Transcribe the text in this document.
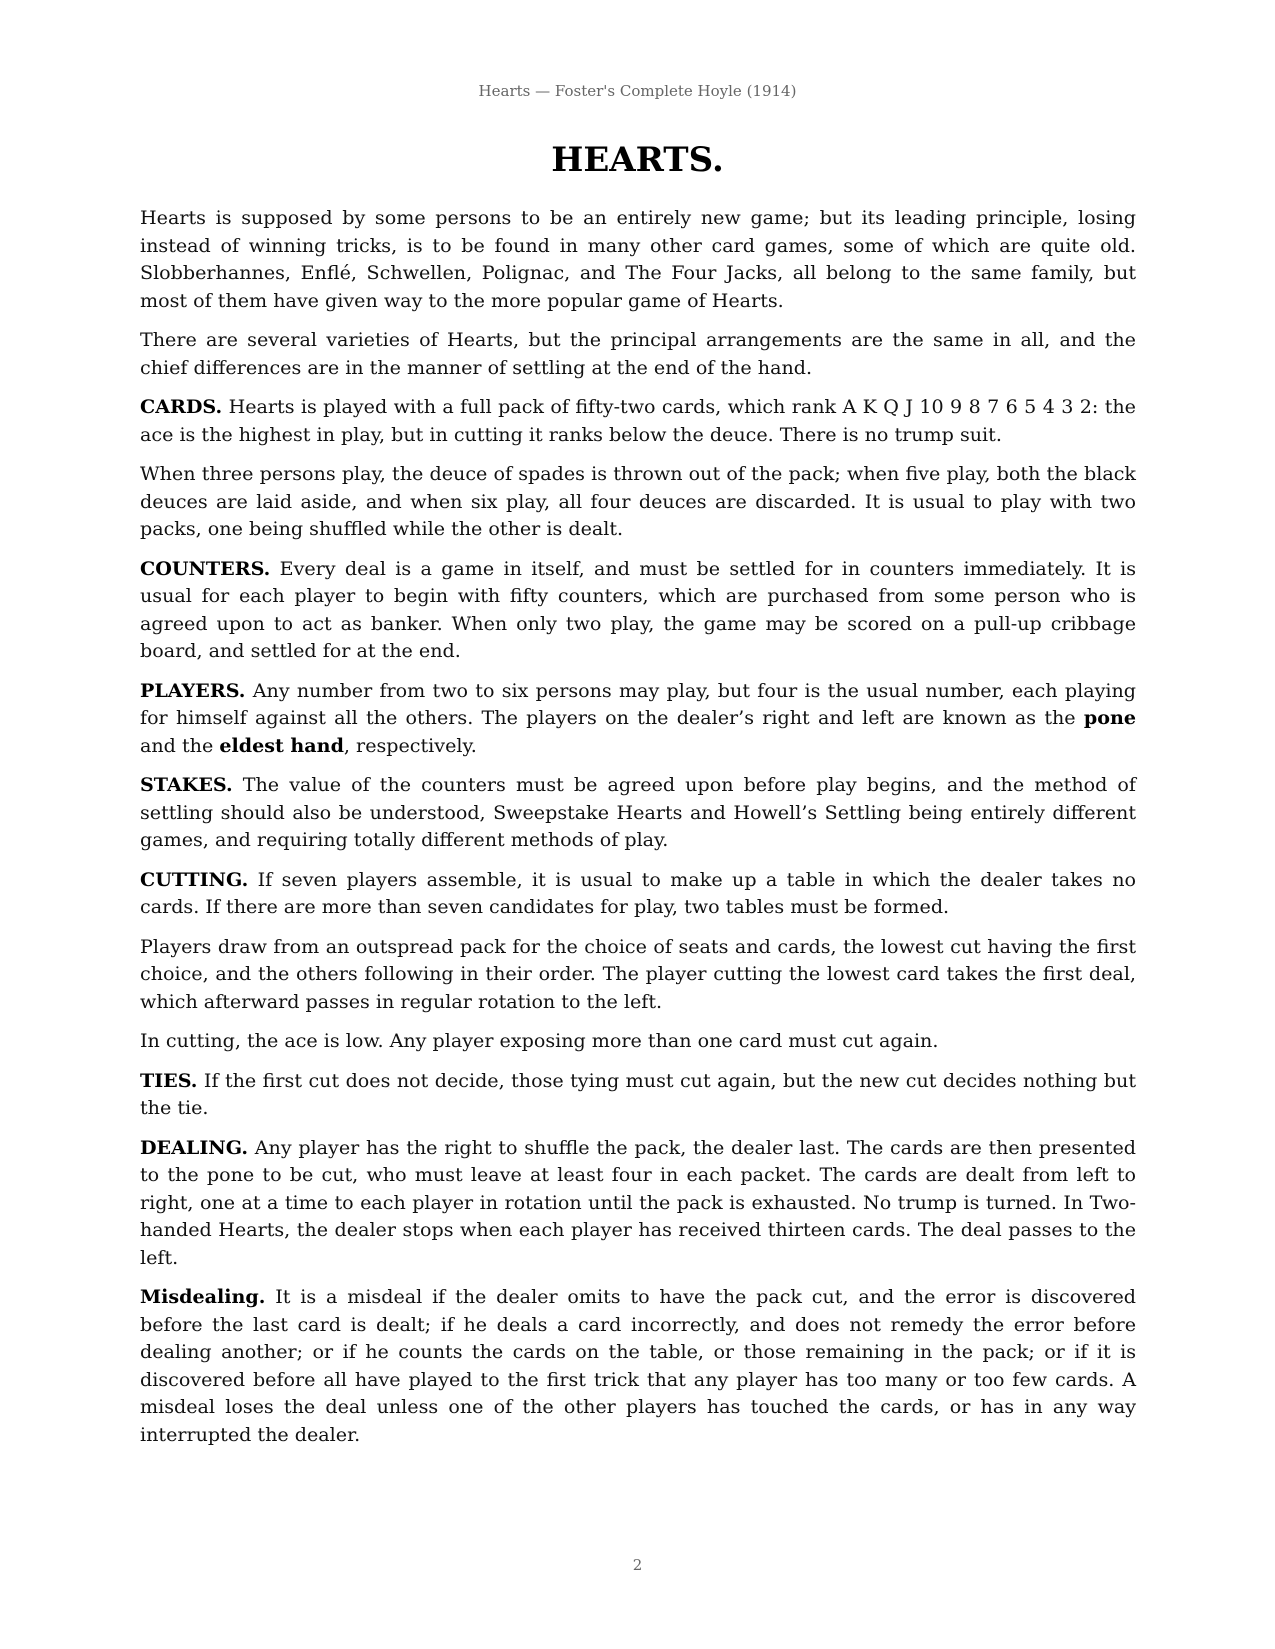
Hearts — Foster's Complete Hoyle (1914)
HEARTS.

Hearts is supposed by some persons to be an entirely new game; but its leading principle, losing instead of winning tricks, is to be found in many other card games, some of which are quite old. Slobberhannes, Enflé, Schwellen, Polignac, and The Four Jacks, all belong to the same family, but most of them have given way to the more popular game of Hearts.

There are several varieties of Hearts, but the principal arrangements are the same in all, and the chief differences are in the manner of settling at the end of the hand.

CARDS. Hearts is played with a full pack of fifty-two cards, which rank A K Q J 10 9 8 7 6 5 4 3 2: the ace is the highest in play, but in cutting it ranks below the deuce. There is no trump suit.

When three persons play, the deuce of spades is thrown out of the pack; when five play, both the black deuces are laid aside, and when six play, all four deuces are discarded. It is usual to play with two packs, one being shuffled while the other is dealt.

COUNTERS. Every deal is a game in itself, and must be settled for in counters immediately. It is usual for each player to begin with fifty counters, which are purchased from some person who is agreed upon to act as banker. When only two play, the game may be scored on a pull-up cribbage board, and settled for at the end.

PLAYERS. Any number from two to six persons may play, but four is the usual number, each playing for himself against all the others. The players on the dealer’s right and left are known as the pone and the eldest hand, respectively.

STAKES. The value of the counters must be agreed upon before play begins, and the method of settling should also be understood, Sweepstake Hearts and Howell’s Settling being entirely different games, and requiring totally different methods of play.

CUTTING. If seven players assemble, it is usual to make up a table in which the dealer takes no cards. If there are more than seven candidates for play, two tables must be formed.

Players draw from an outspread pack for the choice of seats and cards, the lowest cut having the first choice, and the others following in their order. The player cutting the lowest card takes the first deal, which afterward passes in regular rotation to the left.

In cutting, the ace is low. Any player exposing more than one card must cut again.

TIES. If the first cut does not decide, those tying must cut again, but the new cut decides nothing but the tie.

DEALING. Any player has the right to shuffle the pack, the dealer last. The cards are then presented to the pone to be cut, who must leave at least four in each packet. The cards are dealt from left to right, one at a time to each player in rotation until the pack is exhausted. No trump is turned. In Two-handed Hearts, the dealer stops when each player has received thirteen cards. The deal passes to the left.

Misdealing. It is a misdeal if the dealer omits to have the pack cut, and the error is discovered before the last card is dealt; if he deals a card incorrectly, and does not remedy the error before dealing another; or if he counts the cards on the table, or those remaining in the pack; or if it is discovered before all have played to the first trick that any player has too many or too few cards. A misdeal loses the deal unless one of the other players has touched the cards, or has in any way interrupted the dealer.

2
